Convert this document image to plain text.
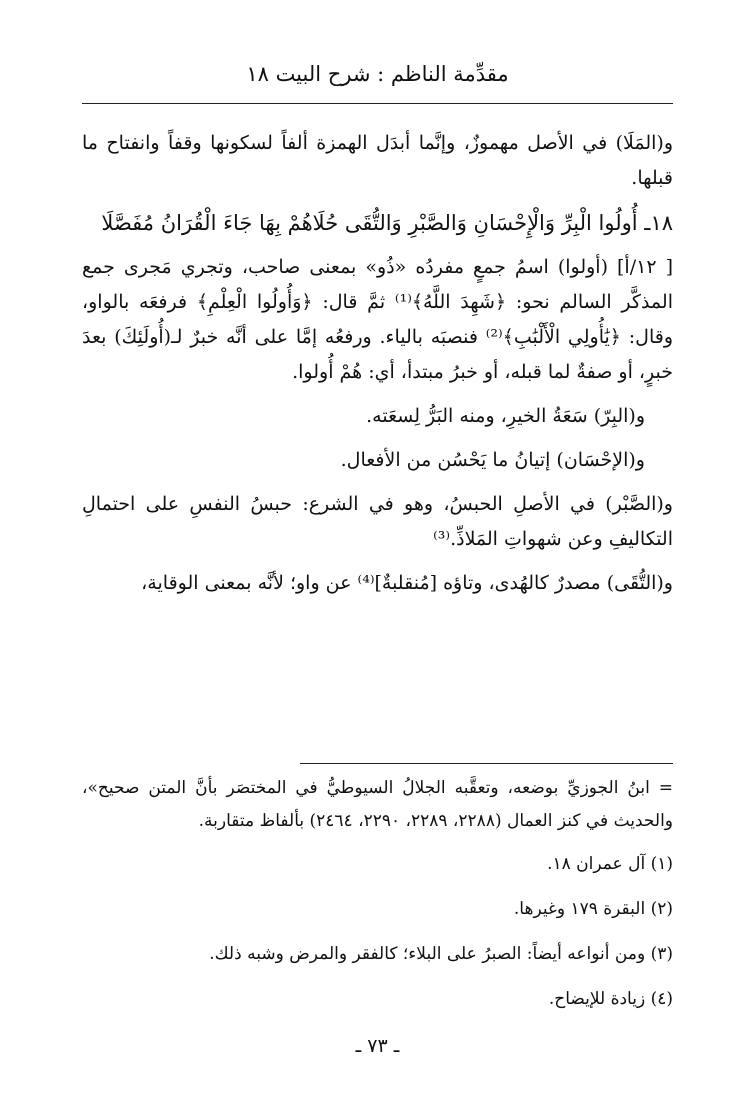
مقدِّمة الناظم : شرح البيت ١٨

و(المَلَا) في الأصل مهموزٌ، وإنَّما أبدَل الهمزة ألفاً لسكونها وقفاً وانفتاح ما قبلها.

١٨ـ أُولُوا الْبِرِّ وَالْإِحْسَانِ وَالصَّبْرِ وَالتُّقَى حُلَاهُمْ بِهَا جَاءَ الْقُرَانُ مُفَصَّلَا

[ ١٢/أ] (أولوا) اسمُ جمعٍ مفردُه «ذُو» بمعنى صاحب، وتجري مَجرى جمع المذكَّر السالم نحو: ﴿شَهِدَ اللَّهُ﴾⁽¹⁾ ثمَّ قال: ﴿وَأُولُوا الْعِلْمِ﴾ فرفعَه بالواو، وقال: ﴿يَٰأُولِي الْأَلْبَٰبِ﴾⁽²⁾ فنصبَه بالياء. ورفعُه إمَّا على أنَّه خبرٌ لـ(أُولَئِكَ) بعدَ خبرٍ، أو صفةٌ لما قبله، أو خبرُ مبتدأ، أي: هُمْ أُولوا.

و(البِرّ) سَعَةُ الخيرِ، ومنه البَرُّ لِسعَته.

و(الإحْسَان) إتيانُ ما يَحْسُن من الأفعال.

و(الصَّبْر) في الأصلِ الحبسُ، وهو في الشرع: حبسُ النفسِ على احتمالِ التكاليفِ وعن شهواتِ المَلاذِّ.⁽³⁾

و(التُّقَى) مصدرٌ كالهُدى، وتاؤه [مُنقلبةٌ]⁽⁴⁾ عن واو؛ لأنَّه بمعنى الوقاية،

= ابنُ الجوزيِّ بوضعه، وتعقَّبه الجلالُ السيوطيُّ في المختصَر بأنَّ المتن صحيح»، والحديث في كنز العمال (٢٢٨٨، ٢٢٨٩، ٢٢٩٠، ٢٤٦٤) بألفاظ متقاربة.

(١) آل عمران ١٨.
(٢) البقرة ١٧٩ وغيرها.
(٣) ومن أنواعه أيضاً: الصبرُ على البلاء؛ كالفقر والمرض وشبه ذلك.
(٤) زيادة للإيضاح.
ـ ٧٣ ـ
